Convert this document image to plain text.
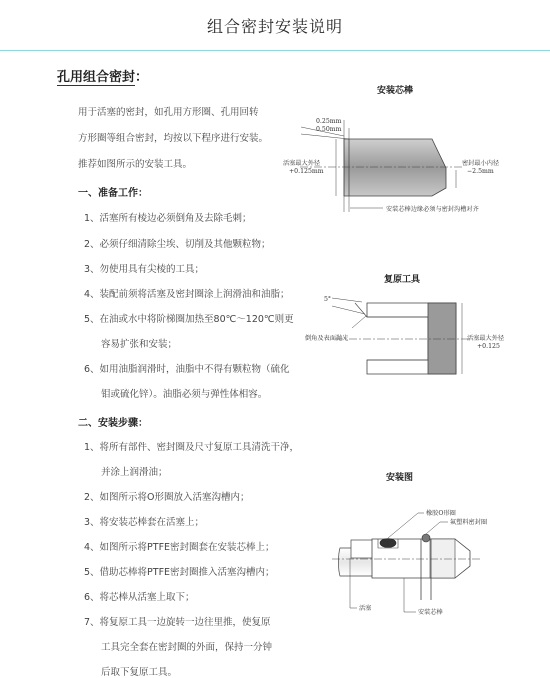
组合密封安装说明
孔用组合密封：
用于活塞的密封，如孔用方形圈、孔用回转
方形圈等组合密封，均按以下程序进行安装。
推荐如图所示的安装工具。
一、准备工作：
1、活塞所有棱边必须倒角及去除毛刺；
2、必须仔细清除尘埃、切削及其他颗粒物；
3、勿使用具有尖棱的工具；
4、装配前须将活塞及密封圈涂上润滑油和油脂；
5、在油或水中将阶梯圈加热至80℃～120℃则更
容易扩张和安装；
6、如用油脂润滑时，油脂中不得有颗粒物（硫化
钼或硫化锌）。油脂必须与弹性体相容。
二、安装步骤：
1、将所有部件、密封圈及尺寸复原工具清洗干净，
并涂上润滑油；
2、如图所示将O形圈放入活塞沟槽内；
3、将安装芯棒套在活塞上；
4、如图所示将PTFE密封圈套在安装芯棒上；
5、借助芯棒将PTFE密封圈推入活塞沟槽内；
6、将芯棒从活塞上取下；
7、将复原工具一边旋转一边往里推，使复原
工具完全套在密封圈的外面，保持一分钟
后取下复原工具。
安装芯棒
复原工具
安装图
0.25mm
0.50mm
活塞最大外径
+0.125mm
密封最小内径
−2.5mm
安装芯棒边缘必须与密封沟槽对齐
5°
倒角及表面抛光	活塞最大外径
+0.125
橡胶O形圈
氟塑料密封圈
活塞
安装芯棒
